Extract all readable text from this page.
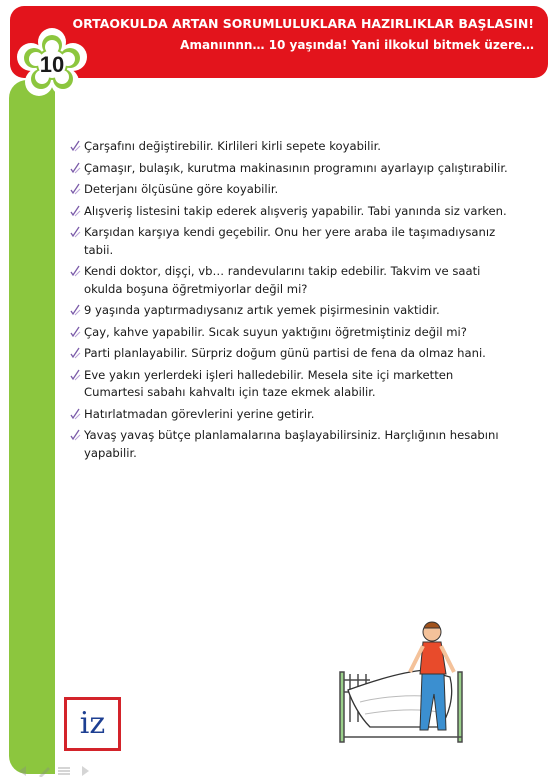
ORTAOKULDA ARTAN SORUMLULUKLARA HAZIRLIKLAR BAŞLASIN!
Amanıınnn… 10 yaşında! Yani ilkokul bitmek üzere…
10
Çarşafını değiştirebilir. Kirlileri kirli sepete koyabilir.
Çamaşır, bulaşık, kurutma makinasının programını ayarlayıp çalıştırabilir.
Deterjanı ölçüsüne göre koyabilir.
Alışveriş listesini takip ederek alışveriş yapabilir. Tabi yanında siz varken.
Karşıdan karşıya kendi geçebilir. Onu her yere araba ile taşımadıysanız tabii.
Kendi doktor, dişçi, vb… randevularını takip edebilir. Takvim ve saati okulda boşuna öğretmiyorlar değil mi?
9 yaşında yaptırmadıysanız artık yemek pişirmesinin vaktidir.
Çay, kahve yapabilir. Sıcak suyun yaktığını öğretmiştiniz değil mi?
Parti planlayabilir. Sürpriz doğum günü partisi de fena da olmaz hani.
Eve yakın yerlerdeki işleri halledebilir. Mesela site içi marketten Cumartesi sabahı kahvaltı için taze ekmek alabilir.
Hatırlatmadan görevlerini yerine getirir.
Yavaş yavaş bütçe planlamalarına başlayabilirsiniz. Harçlığının hesabını yapabilir.
iz
